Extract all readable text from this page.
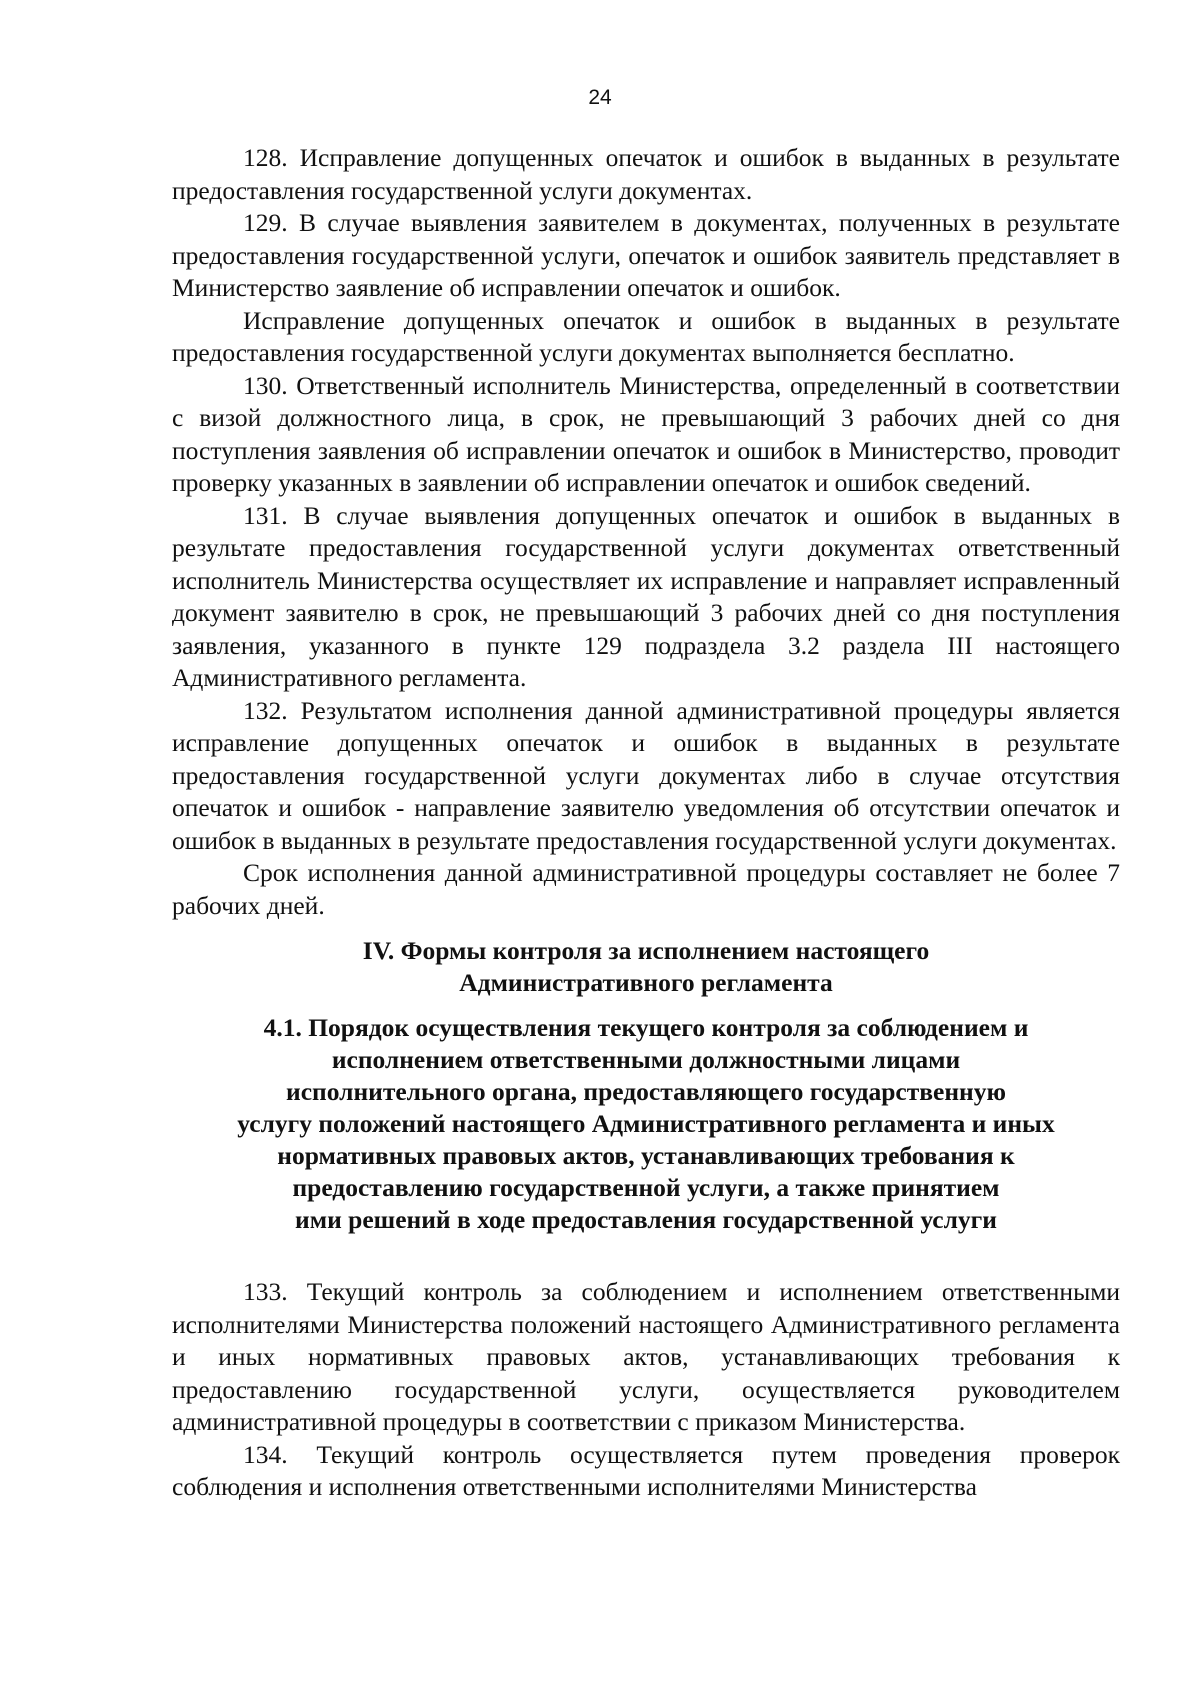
24

128. Исправление допущенных опечаток и ошибок в выданных в результате предоставления государственной услуги документах.

129. В случае выявления заявителем в документах, полученных в результате предоставления государственной услуги, опечаток и ошибок заявитель представляет в Министерство заявление об исправлении опечаток и ошибок.

Исправление допущенных опечаток и ошибок в выданных в результате предоставления государственной услуги документах выполняется бесплатно.

130. Ответственный исполнитель Министерства, определенный в соответствии с визой должностного лица, в срок, не превышающий 3 рабочих дней со дня поступления заявления об исправлении опечаток и ошибок в Министерство, проводит проверку указанных в заявлении об исправлении опечаток и ошибок сведений.

131. В случае выявления допущенных опечаток и ошибок в выданных в результате предоставления государственной услуги документах ответственный исполнитель Министерства осуществляет их исправление и направляет исправленный документ заявителю в срок, не превышающий 3 рабочих дней со дня поступления заявления, указанного в пункте 129 подраздела 3.2 раздела III настоящего Административного регламента.

132. Результатом исполнения данной административной процедуры является исправление допущенных опечаток и ошибок в выданных в результате предоставления государственной услуги документах либо в случае отсутствия опечаток и ошибок - направление заявителю уведомления об отсутствии опечаток и ошибок в выданных в результате предоставления государственной услуги документах.

Срок исполнения данной административной процедуры составляет не более 7 рабочих дней.

IV. Формы контроля за исполнением настоящего
Административного регламента
4.1. Порядок осуществления текущего контроля за соблюдением и
исполнением ответственными должностными лицами
исполнительного органа, предоставляющего государственную
услугу положений настоящего Административного регламента и иных
нормативных правовых актов, устанавливающих требования к
предоставлению государственной услуги, а также принятием
ими решений в ходе предоставления государственной услуги

133. Текущий контроль за соблюдением и исполнением ответственными исполнителями Министерства положений настоящего Административного регламента и иных нормативных правовых актов, устанавливающих требования к предоставлению государственной услуги, осуществляется руководителем административной процедуры в соответствии с приказом Министерства.

134. Текущий контроль осуществляется путем проведения проверок соблюдения и исполнения ответственными исполнителями Министерства
